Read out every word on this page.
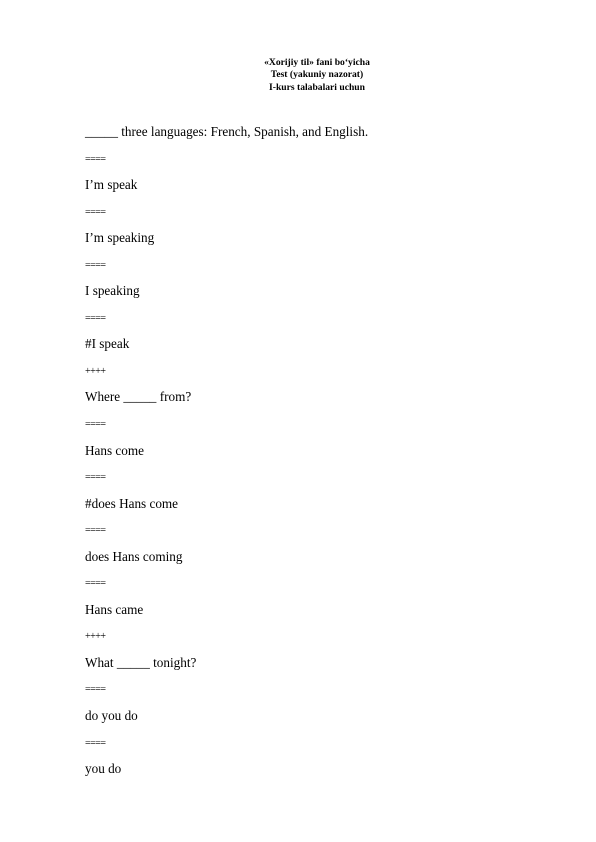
«Xorijiy til» fani bo‘yicha
Test (yakuniy nazorat)
I-kurs talabalari uchun
_____ three languages: French, Spanish, and English.
====
I’m speak
====
I’m speaking
====
I speaking
====
#I speak
++++
Where _____ from?
====
Hans come
====
#does Hans come
====
does Hans coming
====
Hans came
++++
What _____ tonight?
====
do you do
====
you do
